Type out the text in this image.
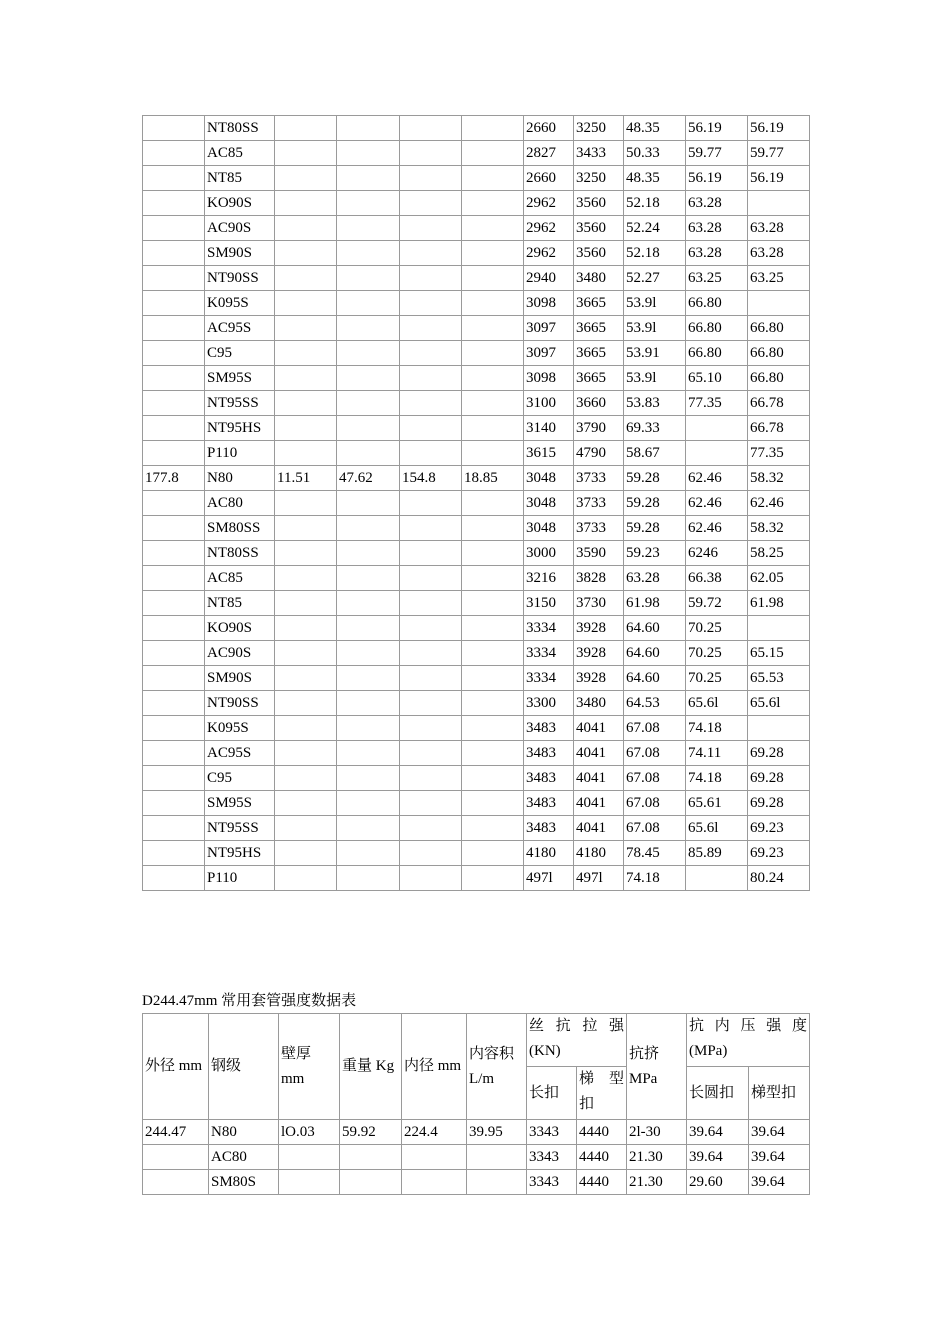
	NT80SS					2660	3250	48.35	56.19	56.19
	AC85					2827	3433	50.33	59.77	59.77
	NT85					2660	3250	48.35	56.19	56.19
	KO90S					2962	3560	52.18	63.28	
	AC90S					2962	3560	52.24	63.28	63.28
	SM90S					2962	3560	52.18	63.28	63.28
	NT90SS					2940	3480	52.27	63.25	63.25
	K095S					3098	3665	53.9l	66.80	
	AC95S					3097	3665	53.9l	66.80	66.80
	C95					3097	3665	53.91	66.80	66.80
	SM95S					3098	3665	53.9l	65.10	66.80
	NT95SS					3100	3660	53.83	77.35	66.78
	NT95HS					3140	3790	69.33		66.78
	P110					3615	4790	58.67		77.35
177.8	N80	11.51	47.62	154.8	18.85	3048	3733	59.28	62.46	58.32
	AC80					3048	3733	59.28	62.46	62.46
	SM80SS					3048	3733	59.28	62.46	58.32
	NT80SS					3000	3590	59.23	6246	58.25
	AC85					3216	3828	63.28	66.38	62.05
	NT85					3150	3730	61.98	59.72	61.98
	KO90S					3334	3928	64.60	70.25	
	AC90S					3334	3928	64.60	70.25	65.15
	SM90S					3334	3928	64.60	70.25	65.53
	NT90SS					3300	3480	64.53	65.6l	65.6l
	K095S					3483	4041	67.08	74.18	
	AC95S					3483	4041	67.08	74.11	69.28
	C95					3483	4041	67.08	74.18	69.28
	SM95S					3483	4041	67.08	65.61	69.28
	NT95SS					3483	4041	67.08	65.6l	69.23
	NT95HS					4180	4180	78.45	85.89	69.23
	P110					497l	497l	74.18		80.24
D244.47mm 常用套管强度数据表
外径 mm	钢级	壁厚 mm	重量 Kg	内径 mm	内容积 L/m	丝 抗 拉 强 (KN)		抗挤 MPa	抗 内 压 强 度 (MPa)	
						长扣	梯 型 扣		长圆扣	梯型扣
244.47	N80	lO.03	59.92	224.4	39.95	3343	4440	2l-30	39.64	39.64
	AC80					3343	4440	21.30	39.64	39.64
	SM80S					3343	4440	21.30	29.60	39.64
